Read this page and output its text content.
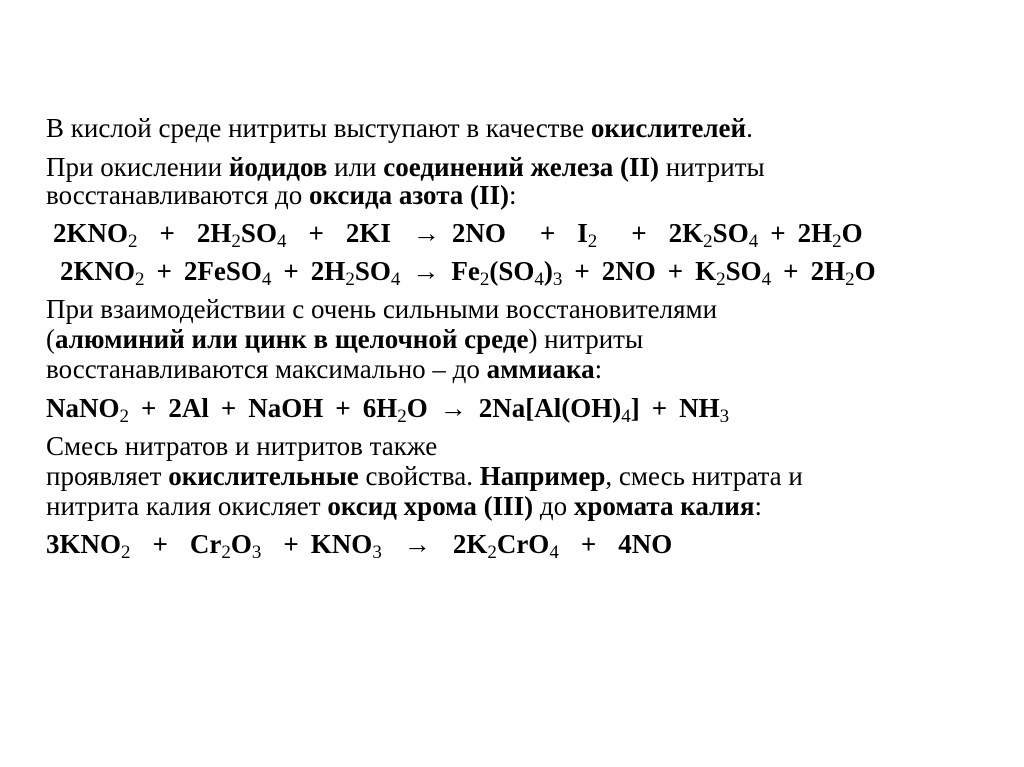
В кислой среде нитриты выступают в качестве окислителей.
При окислении йодидов или соединений железа (II) нитриты
восстанавливаются до оксида азота (II):
$2KNO_2 + 2H_2SO_4 + 2KI \to 2NO + I_2 + 2K_2SO_4 + 2H_2O$
$2KNO_2$ + 2FeSO$_4$ + $2H_2SO_4 \to Fe_2(SO_4)_3 + 2NO + K_2SO_4 + 2H_2O$
При взаимодействии с очень сильными восстановителями
(алюминий или цинк в щелочной среде) нитриты
восстанавливаются максимально – до аммиака:
NaNO$_2$ + 2Al + NaOH + $6H_2O \to 2Na[Al(OH)_4] + NH_3$
Смесь нитратов и нитритов также
проявляет окислительные свойства. Например, смесь нитрата и
нитрита калия окисляет оксид хрома (III) до хромата калия:
$3KNO_2 + Cr_2O_3 + KNO_3 \to 2K_2CrO_4 + 4NO$
